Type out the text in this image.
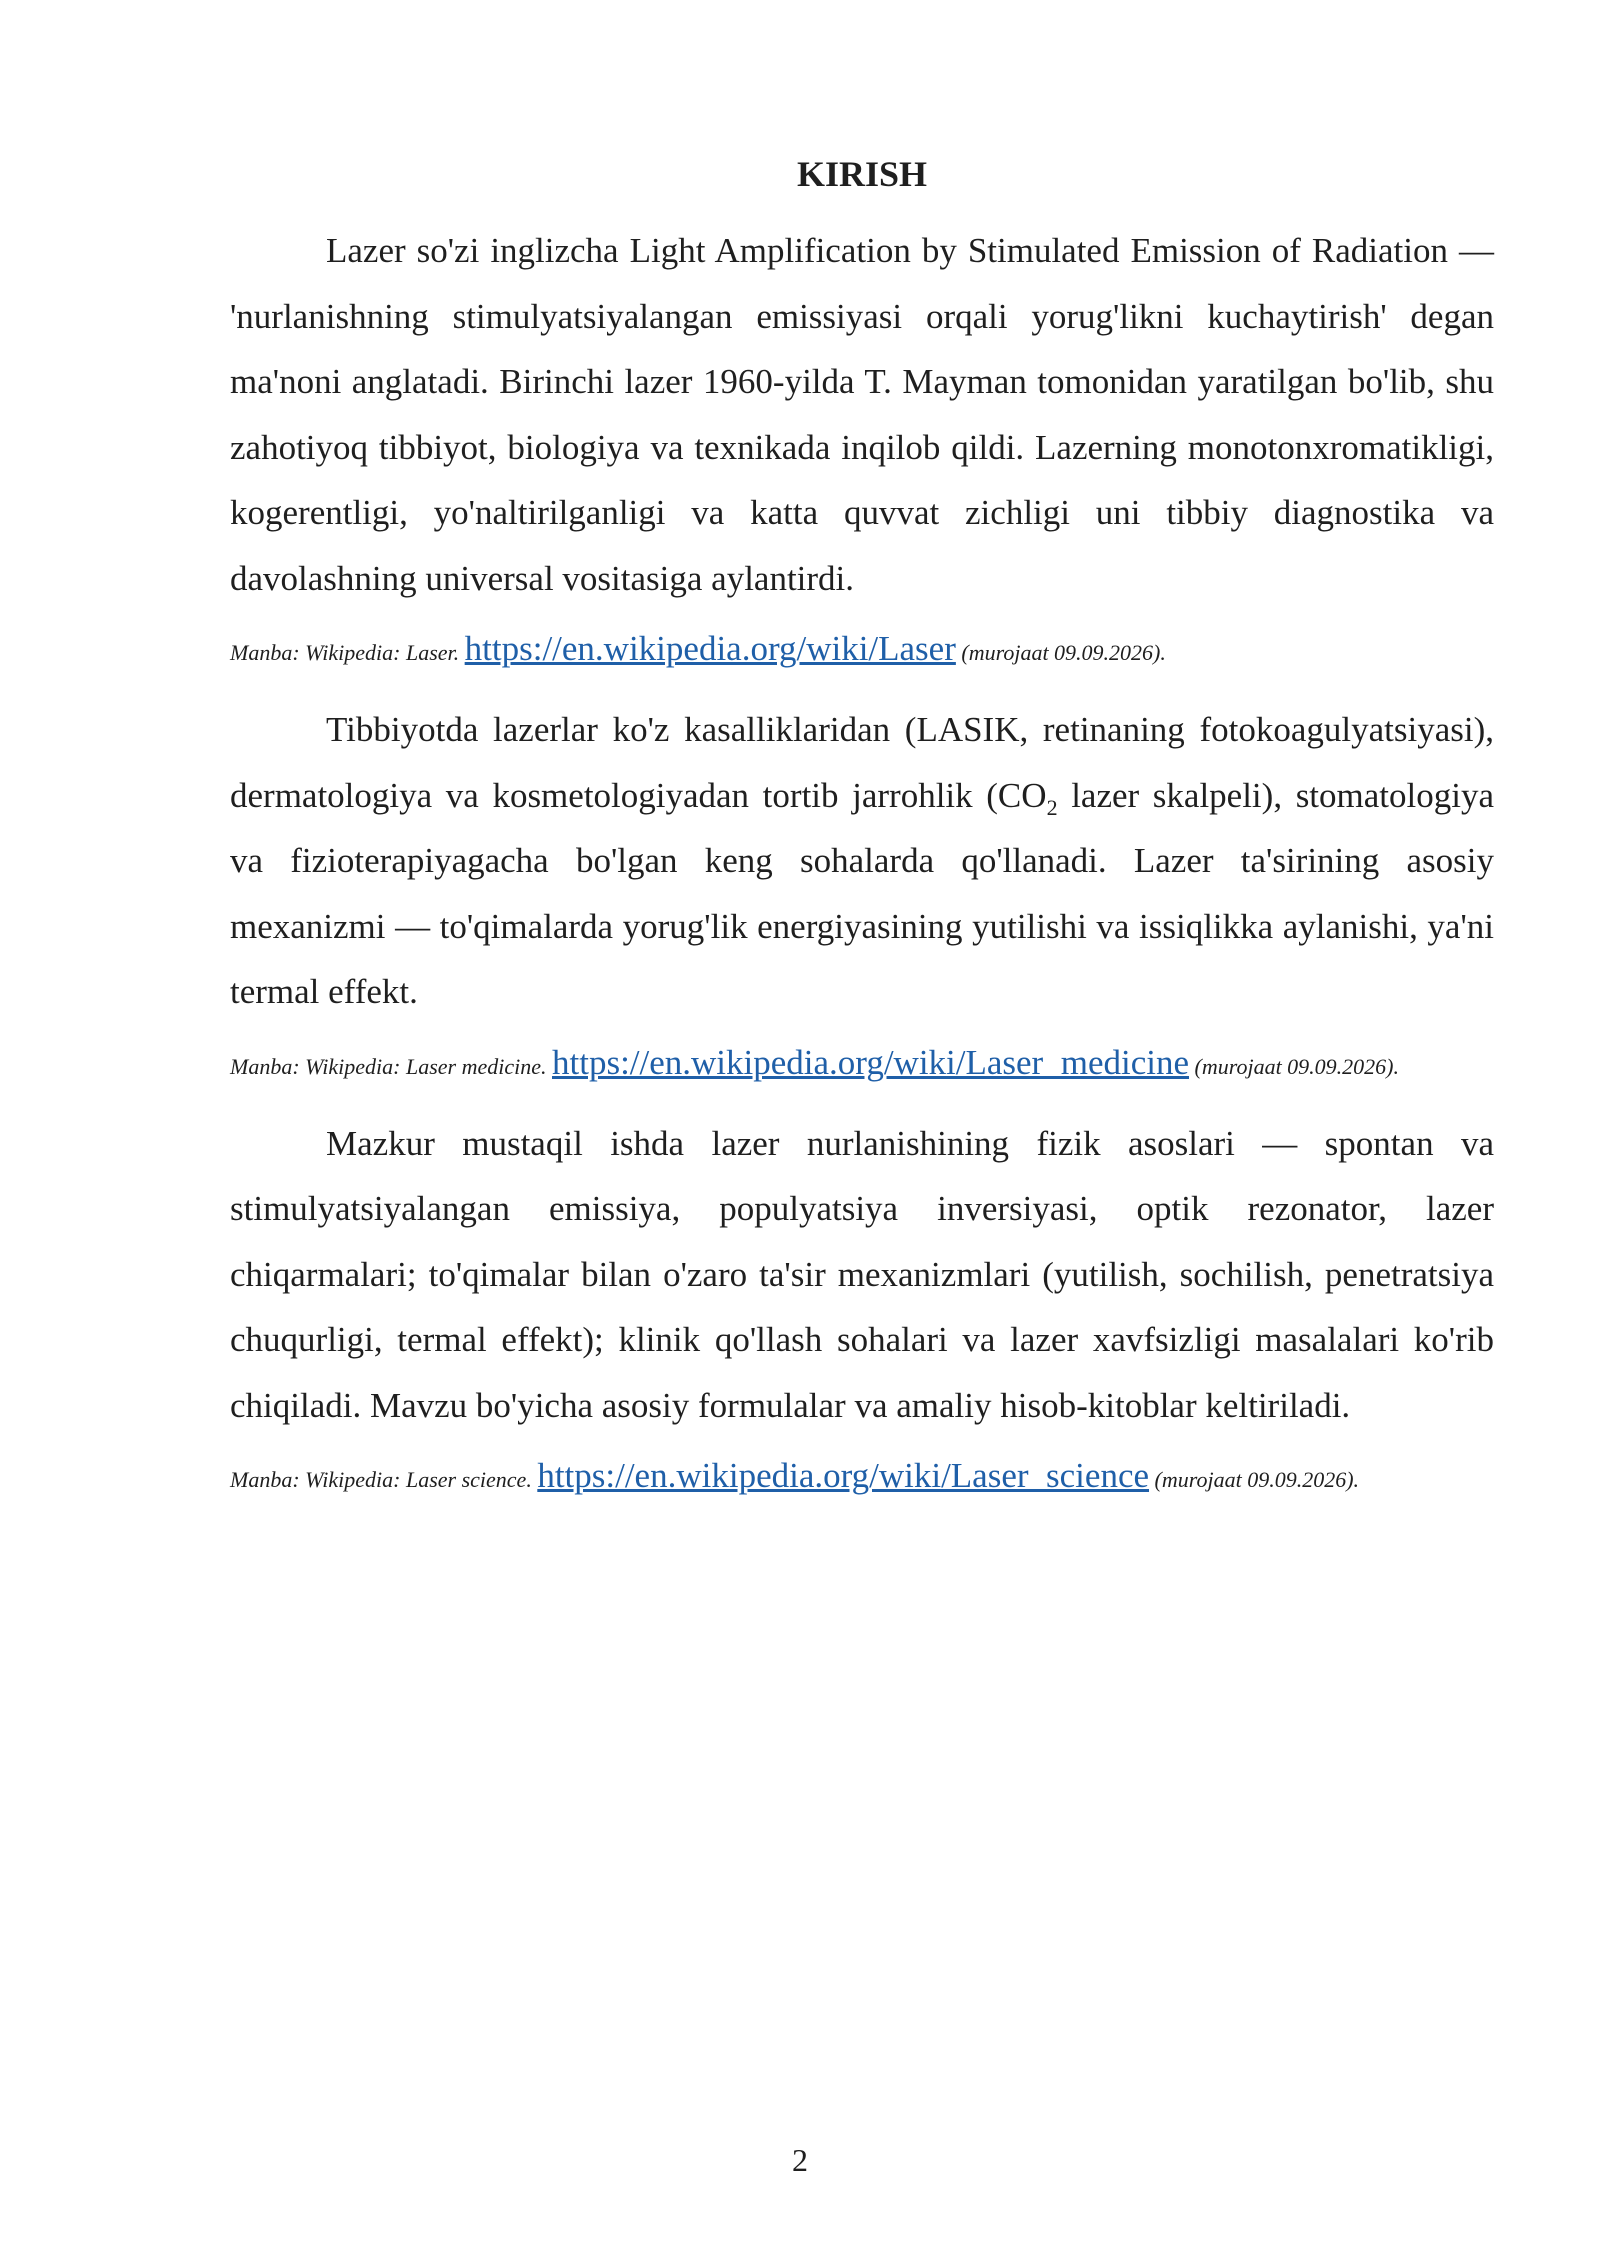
KIRISH

Lazer so'zi inglizcha Light Amplification by Stimulated Emission of Radiation — 'nurlanishning stimulyatsiyalangan emissiyasi orqali yorug'likni kuchaytirish' degan ma'noni anglatadi. Birinchi lazer 1960-yilda T. Mayman tomonidan yaratilgan bo'lib, shu zahotiyoq tibbiyot, biologiya va texnikada inqilob qildi. Lazerning monotonxromatikligi, kogerentligi, yo'naltirilganligi va katta quvvat zichligi uni tibbiy diagnostika va davolashning universal vositasiga aylantirdi.

Manba: Wikipedia: Laser. https://en.wikipedia.org/wiki/Laser (murojaat 09.09.2026).

Tibbiyotda lazerlar ko'z kasalliklaridan (LASIK, retinaning fotokoagulyatsiyasi), dermatologiya va kosmetologiyadan tortib jarrohlik ($CO_2$ lazer skalpeli), stomatologiya va fizioterapiyagacha bo'lgan keng sohalarda qo'llanadi. Lazer ta'sirining asosiy mexanizmi — to'qimalarda yorug'lik energiyasining yutilishi va issiqlikka aylanishi, ya'ni termal effekt.

Manba: Wikipedia: Laser medicine. https://en.wikipedia.org/wiki/Laser_medicine (murojaat 09.09.2026).

Mazkur mustaqil ishda lazer nurlanishining fizik asoslari — spontan va stimulyatsiyalangan emissiya, populyatsiya inversiyasi, optik rezonator, lazer chiqarmalari; to'qimalar bilan o'zaro ta'sir mexanizmlari (yutilish, sochilish, penetratsiya chuqurligi, termal effekt); klinik qo'llash sohalari va lazer xavfsizligi masalalari ko'rib chiqiladi. Mavzu bo'yicha asosiy formulalar va amaliy hisob-kitoblar keltiriladi.

Manba: Wikipedia: Laser science. https://en.wikipedia.org/wiki/Laser_science (murojaat 09.09.2026).
2
